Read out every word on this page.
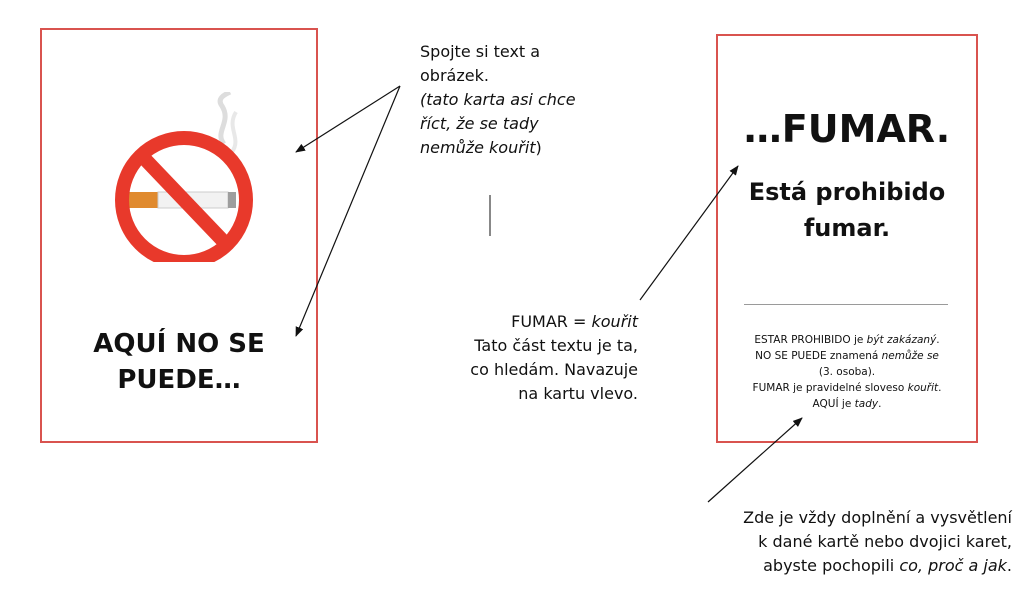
AQUÍ NO SE
PUEDE…
…FUMAR.
Está prohibido
fumar.
ESTAR PROHIBIDO je být zakázaný.
NO SE PUEDE znamená nemůže se
(3. osoba).
FUMAR je pravidelné sloveso kouřit.
AQUÍ je tady.
Spojte si text a
obrázek.
(tato karta asi chce
říct, že se tady
nemůže kouřit)
FUMAR = kouřit
Tato část textu je ta,
co hledám. Navazuje
na kartu vlevo.
Zde je vždy doplnění a vysvětlení
k dané kartě nebo dvojici karet,
abyste pochopili co, proč a jak.
